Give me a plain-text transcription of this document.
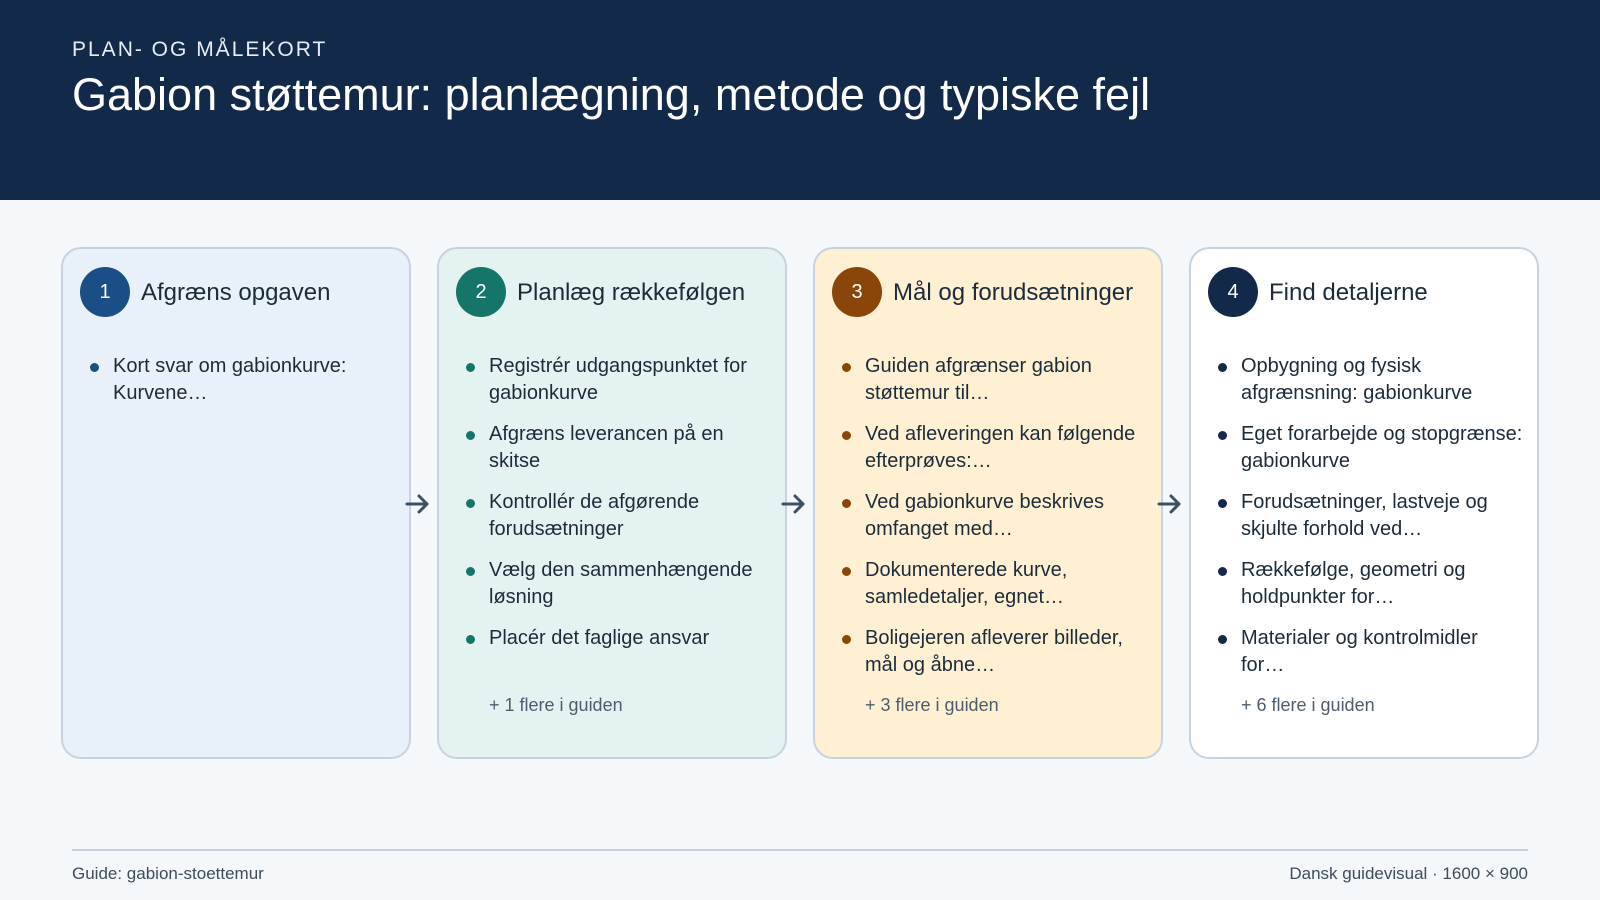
PLAN- OG MÅLEKORT
Gabion støttemur: planlægning, metode og typiske fejl
1	Afgræns opgaven
Kort svar om gabionkurve: Kurvene…
2	Planlæg rækkefølgen
Registrér udgangspunktet for gabionkurve
Afgræns leverancen på en skitse
Kontrollér de afgørende forudsætninger
Vælg den sammenhængende løsning
Placér det faglige ansvar
+ 1 flere i guiden
3	Mål og forudsætninger
Guiden afgrænser gabion støttemur til…
Ved afleveringen kan følgende efterprøves:…
Ved gabionkurve beskrives omfanget med…
Dokumenterede kurve, samledetaljer, egnet…
Boligejeren afleverer billeder, mål og åbne…
+ 3 flere i guiden
4	Find detaljerne
Opbygning og fysisk afgrænsning: gabionkurve
Eget forarbejde og stopgrænse: gabionkurve
Forudsætninger, lastveje og skjulte forhold ved…
Rækkefølge, geometri og holdpunkter for…
Materialer og kontrolmidler for…
+ 6 flere i guiden
Guide: gabion-stoettemur	Dansk guidevisual · 1600 × 900
